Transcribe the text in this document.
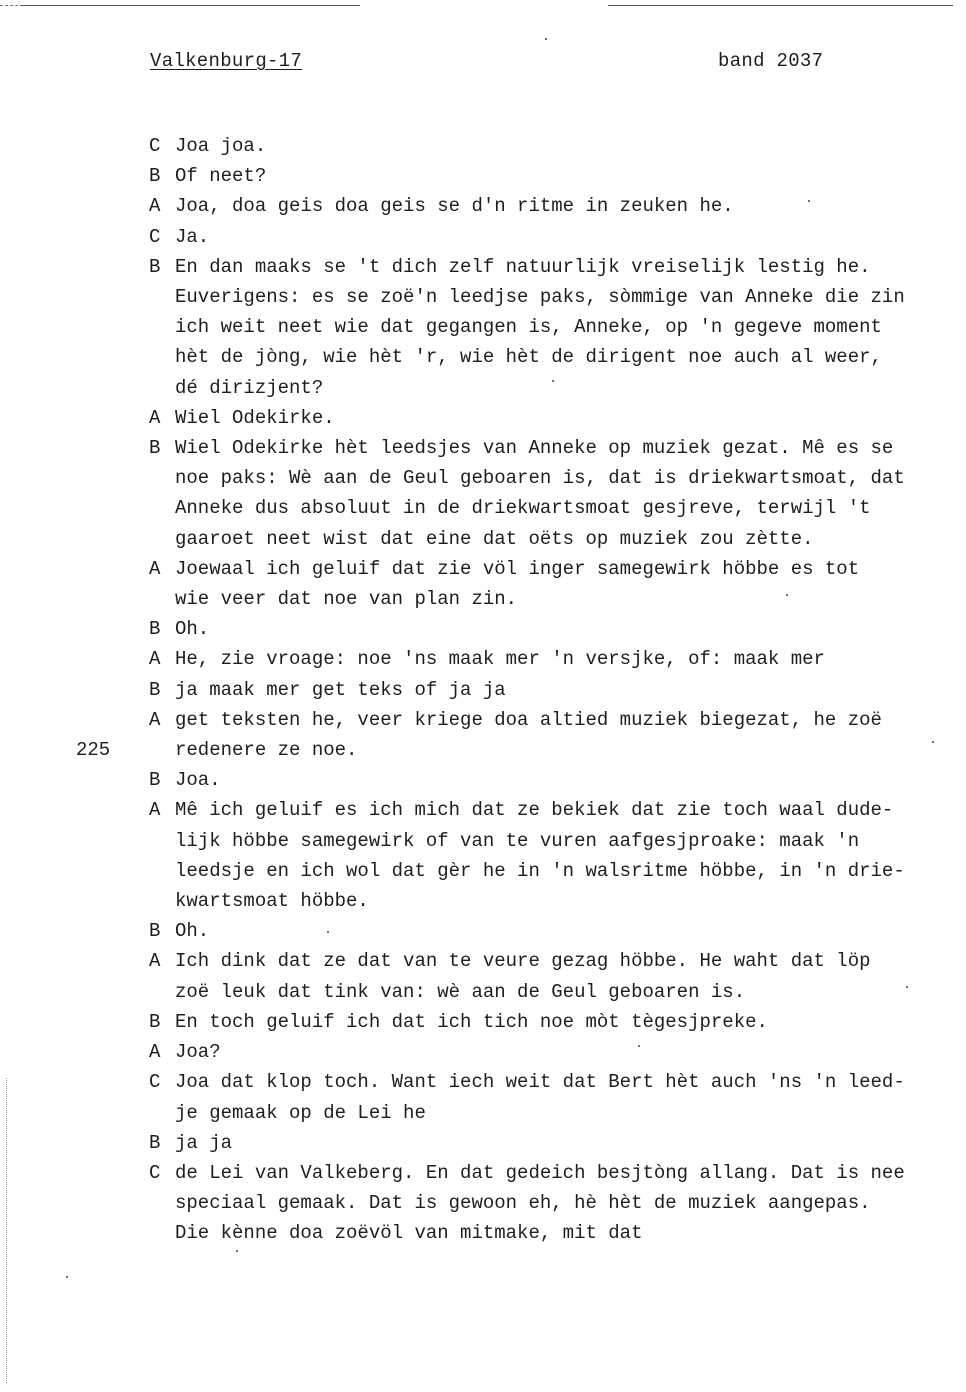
Valkenburg-17	band 2037
225
C Joa joa.
B Of neet?
A Joa, doa geis doa geis se d'n ritme in zeuken he.
C Ja.
B En dan maaks se 't dich zelf natuurlijk vreiselijk lestig he.
Euverigens: es se zoë'n leedjse paks, sòmmige van Anneke die zin
ich weit neet wie dat gegangen is, Anneke, op 'n gegeve moment
hèt de jòng, wie hèt 'r, wie hèt de dirigent noe auch al weer,
dé dirizjent?
A Wiel Odekirke.
B Wiel Odekirke hèt leedsjes van Anneke op muziek gezat. Mê es se
noe paks: Wè aan de Geul geboaren is, dat is driekwartsmoat, dat
Anneke dus absoluut in de driekwartsmoat gesjreve, terwijl 't
gaaroet neet wist dat eine dat oëts op muziek zou zètte.
A Joewaal ich geluif dat zie völ inger samegewirk höbbe es tot
wie veer dat noe van plan zin.
B Oh.
A He, zie vroage: noe 'ns maak mer 'n versjke, of: maak mer
B ja maak mer get teks of ja ja
A get teksten he, veer kriege doa altied muziek biegezat, he zoë
redenere ze noe.
B Joa.
A Mê ich geluif es ich mich dat ze bekiek dat zie toch waal dude-
lijk höbbe samegewirk of van te vuren aafgesjproake: maak 'n
leedsje en ich wol dat gèr he in 'n walsritme höbbe, in 'n drie-
kwartsmoat höbbe.
B Oh.
A Ich dink dat ze dat van te veure gezag höbbe. He waht dat löp
zoë leuk dat tink van: wè aan de Geul geboaren is.
B En toch geluif ich dat ich tich noe mòt tègesjpreke.
A Joa?
C Joa dat klop toch. Want iech weit dat Bert hèt auch 'ns 'n leed-
je gemaak op de Lei he
B ja ja
C de Lei van Valkeberg. En dat gedeich besjtòng allang. Dat is nee
speciaal gemaak. Dat is gewoon eh, hè hèt de muziek aangepas.
Die kènne doa zoëvöl van mitmake, mit dat
